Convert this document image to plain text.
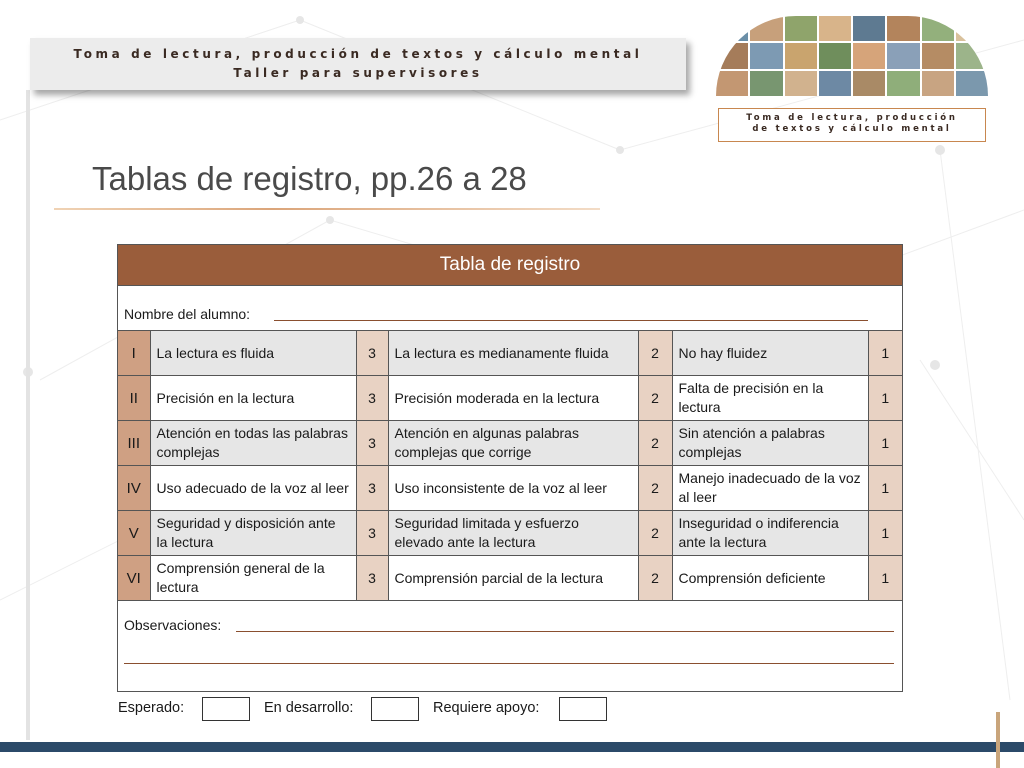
Toma de lectura, producción de textos y cálculo mental
Taller para supervisores
Toma de lectura, producción
de textos y cálculo mental
Tablas de registro, pp.26 a 28
Tabla de registro
Nombre del alumno:
I	La lectura es fluida	3	La lectura es medianamente fluida	2	No hay fluidez	1
II	Precisión en la lectura	3	Precisión moderada en la lectura	2	Falta de precisión en la lectura	1
III	Atención en todas las palabras complejas	3	Atención en algunas palabras complejas que corrige	2	Sin atención a palabras complejas	1
IV	Uso adecuado de la voz al leer	3	Uso inconsistente de la voz al leer	2	Manejo inadecuado de la voz al leer	1
V	Seguridad y disposición ante la lectura	3	Seguridad limitada y esfuerzo elevado ante la lectura	2	Inseguridad o indiferencia ante la lectura	1
VI	Comprensión general de la lectura	3	Comprensión parcial de la lectura	2	Comprensión deficiente	1
Observaciones:
Esperado:	En desarrollo:	Requiere apoyo:
